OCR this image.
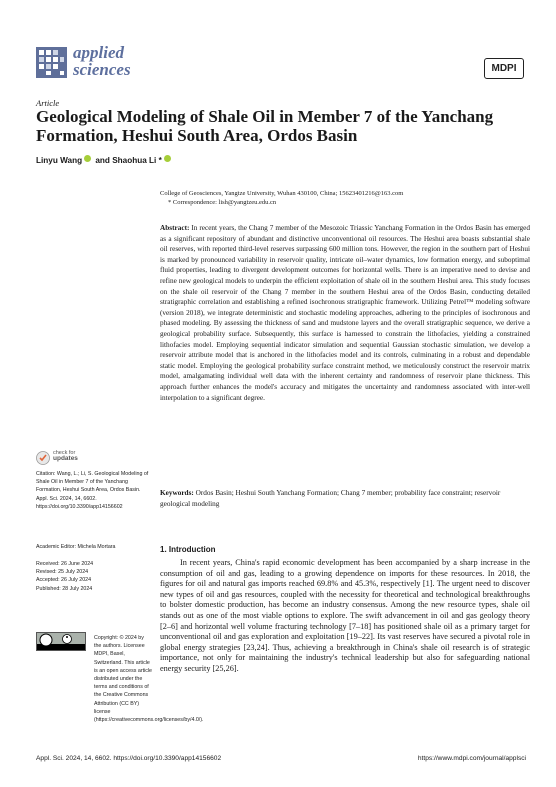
applied
sciences	MDPI
Article
Geological Modeling of Shale Oil in Member 7 of the Yanchang Formation, Heshui South Area, Ordos Basin
Linyu Wang and Shaohua Li *
College of Geosciences, Yangtze University, Wuhan 430100, China; 15623401216@163.com
* Correspondence: lish@yangtzeu.edu.cn
Abstract: In recent years, the Chang 7 member of the Mesozoic Triassic Yanchang Formation in the Ordos Basin has emerged as a significant repository of abundant and distinctive unconventional oil resources. The Heshui area boasts substantial shale oil reserves, with reported third-level reserves surpassing 600 million tons. However, the region in the southern part of Heshui is marked by pronounced variability in reservoir quality, intricate oil–water dynamics, low formation energy, and suboptimal fluid properties, leading to divergent development outcomes for horizontal wells. There is an imperative need to devise and refine new geological models to underpin the efficient exploitation of shale oil in the southern Heshui area. This study focuses on the shale oil reservoir of the Chang 7 member in the southern Heshui area of the Ordos Basin, conducting detailed stratigraphic correlation and establishing a refined isochronous stratigraphic framework. Utilizing Petrel™ modeling software (version 2018), we integrate deterministic and stochastic modeling approaches, adhering to the principles of isochronous and phased modeling. By assessing the thickness of sand and mudstone layers and the overall stratigraphic sequence, we derive a geological probability surface. Subsequently, this surface is harnessed to constrain the lithofacies, yielding a constrained lithofacies model. Employing sequential indicator simulation and sequential Gaussian stochastic simulation, we develop a reservoir attribute model that is anchored in the lithofacies model and its controls, culminating in a robust and dependable static model. Employing the geological probability surface constraint method, we meticulously construct the reservoir matrix model, amalgamating individual well data with the inherent certainty and randomness of reservoir plane thickness. This approach further enhances the model's accuracy and mitigates the uncertainty and randomness associated with inter-well interpolation to a significant degree.
Keywords: Ordos Basin; Heshui South Yanchang Formation; Chang 7 member; probability face constraint; reservoir geological modeling
check for
updates
Citation: Wang, L.; Li, S. Geological Modeling of Shale Oil in Member 7 of the Yanchang Formation, Heshui South Area, Ordos Basin. Appl. Sci. 2024, 14, 6602. https://doi.org/10.3390/app14156602
Academic Editor: Michela Mortara
Received: 26 June 2024
Revised: 25 July 2024
Accepted: 26 July 2024
Published: 28 July 2024
Copyright: © 2024 by the authors. Licensee MDPI, Basel, Switzerland. This article is an open access article distributed under the terms and conditions of the Creative Commons Attribution (CC BY) license (https://creativecommons.org/licenses/by/4.0/).
1. Introduction
In recent years, China's rapid economic development has been accompanied by a sharp increase in the consumption of oil and gas, leading to a growing dependence on imports for these resources. In 2018, the figures for oil and natural gas imports reached 69.8% and 45.3%, respectively [1]. The urgent need to discover new types of oil and gas resources, coupled with the necessity for theoretical and technological breakthroughs to bolster domestic production, has become an industry consensus. Among the new resource types, shale oil stands out as one of the most viable options to explore. The swift advancement in oil and gas geology theory [2–6] and horizontal well volume fracturing technology [7–18] has positioned shale oil as a primary target for unconventional oil and gas exploration and exploitation [19–22]. Its vast reserves have secured a pivotal role in global energy strategies [23,24]. Thus, achieving a breakthrough in China's shale oil research is of strategic importance, not only for maintaining the industry's technical leadership but also for safeguarding national energy security [25,26].
Appl. Sci. 2024, 14, 6602. https://doi.org/10.3390/app14156602	https://www.mdpi.com/journal/applsci
